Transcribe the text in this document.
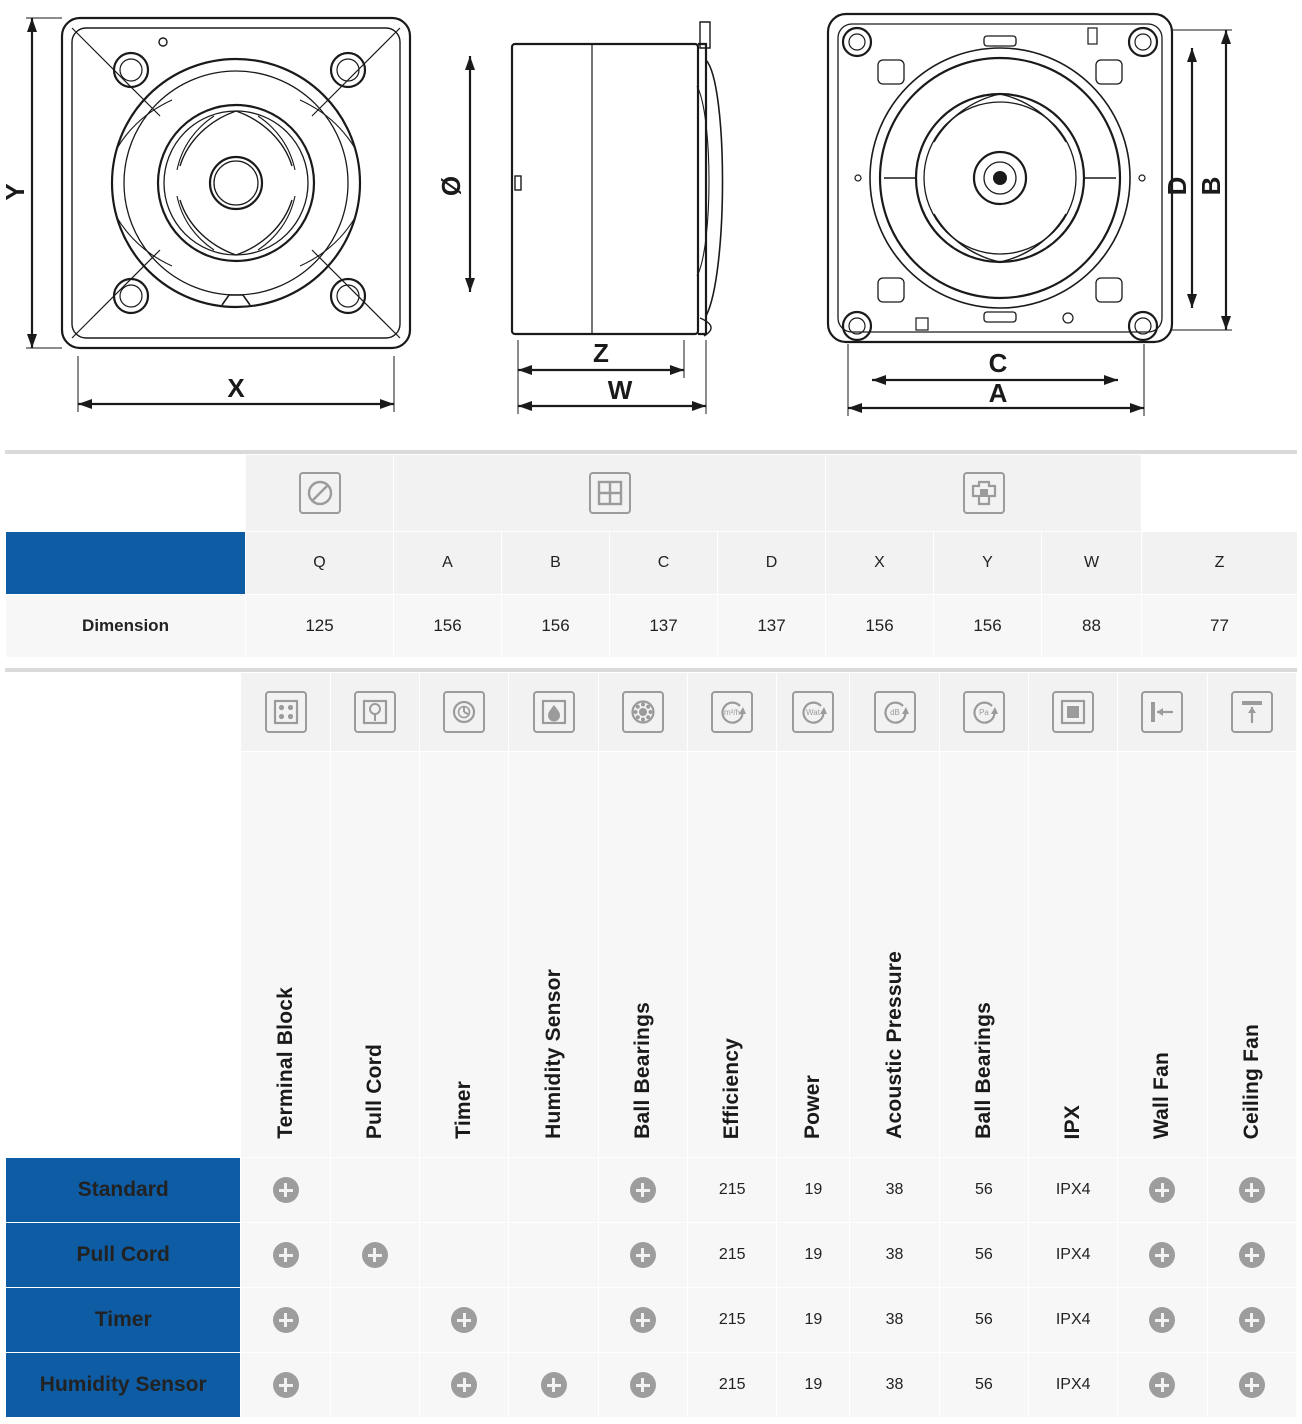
Y
X
Ø
Z
W
D B
C
A

	Q	A	B	C	D	X	Y	W	Z
Dimension	125	156	156	137	137	156	156	88	77

m³/h	Wat	dB	Pa

	Terminal Block	Pull Cord	Timer	Humidity Sensor	Ball Bearings	Efficiency	Power	Acoustic Pressure	Ball Bearings	IPX	Wall Fan	Ceiling Fan
Standard						215	19	38	56	IPX4		
Pull Cord						215	19	38	56	IPX4		
Timer						215	19	38	56	IPX4		
Humidity Sensor						215	19	38	56	IPX4		
